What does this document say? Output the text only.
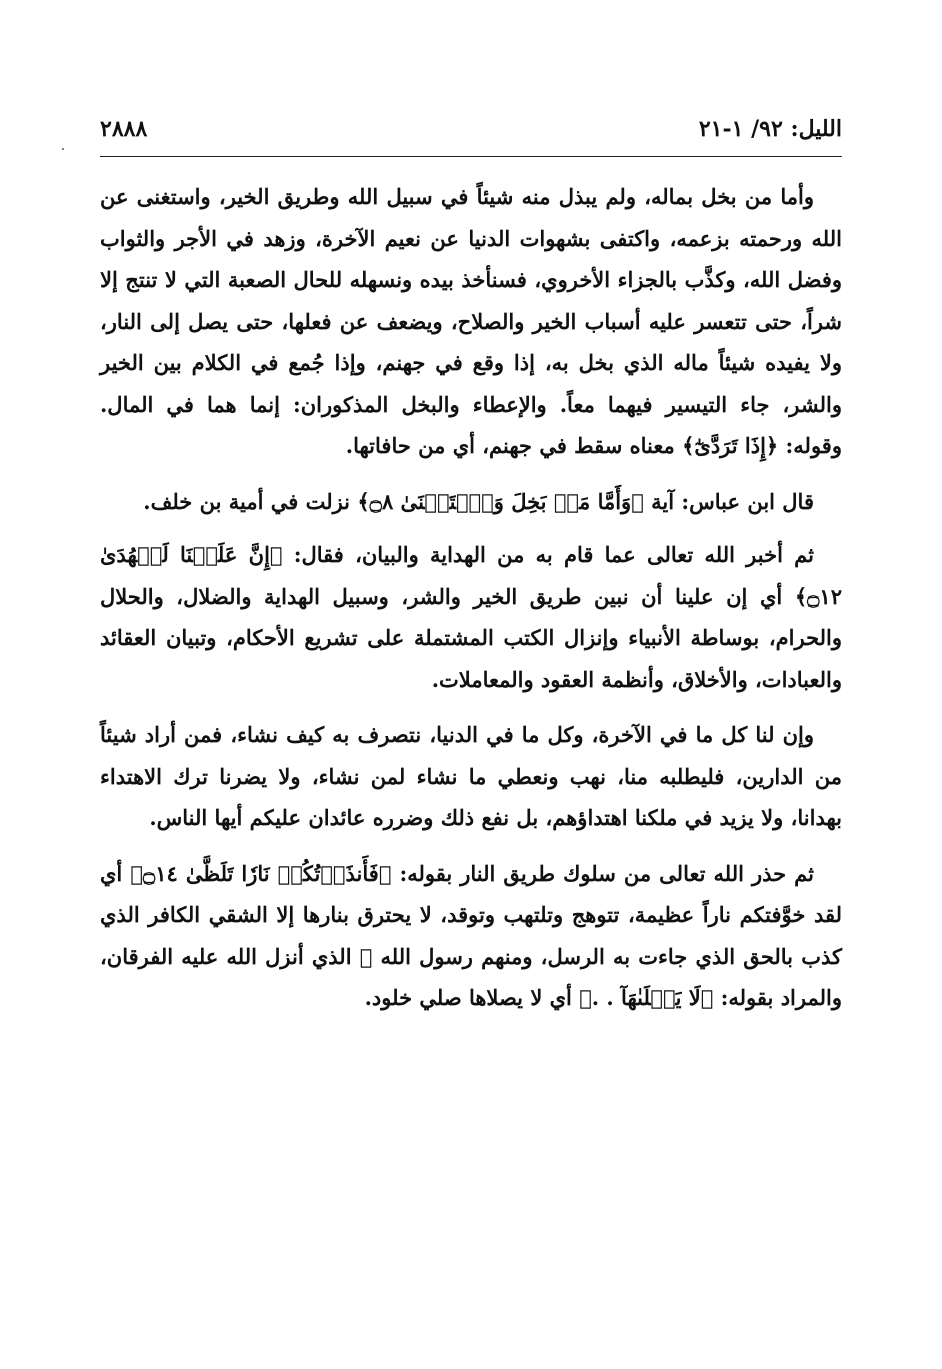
الليل: ٩٢/ ١-٢١
٢٨٨٨

وأما من بخل بماله، ولم يبذل منه شيئاً في سبيل الله وطريق الخير، واستغنى عن الله ورحمته بزعمه، واكتفى بشهوات الدنيا عن نعيم الآخرة، وزهد في الأجر والثواب وفضل الله، وكذَّب بالجزاء الأخروي، فسنأخذ بيده ونسهله للحال الصعبة التي لا تنتج إلا شراً، حتى تتعسر عليه أسباب الخير والصلاح، ويضعف عن فعلها، حتى يصل إلى النار، ولا يفيده شيئاً ماله الذي بخل به، إذا وقع في جهنم، وإذا جُمع في الكلام بين الخير والشر، جاء التيسير فيهما معاً. والإعطاء والبخل المذكوران: إنما هما في المال. وقوله: ﴿إِذَا تَرَدَّىٰٓ﴾ معناه سقط في جهنم، أي من حافاتها.

قال ابن عباس: آية ﴿وَأَمَّا مَنۢ بَخِلَ وَٱسۡتَغۡنَىٰ ۝٨﴾ نزلت في أمية بن خلف.

ثم أخبر الله تعالى عما قام به من الهداية والبيان، فقال: ﴿إِنَّ عَلَيۡنَا لَلۡهُدَىٰ ۝١٢﴾ أي إن علينا أن نبين طريق الخير والشر، وسبيل الهداية والضلال، والحلال والحرام، بوساطة الأنبياء وإنزال الكتب المشتملة على تشريع الأحكام، وتبيان العقائد والعبادات، والأخلاق، وأنظمة العقود والمعاملات.

وإن لنا كل ما في الآخرة، وكل ما في الدنيا، نتصرف به كيف نشاء، فمن أراد شيئاً من الدارين، فليطلبه منا، نهب ونعطي ما نشاء لمن نشاء، ولا يضرنا ترك الاهتداء بهدانا، ولا يزيد في ملكنا اهتداؤهم، بل نفع ذلك وضرره عائدان عليكم أيها الناس.

ثم حذر الله تعالى من سلوك طريق النار بقوله: ﴿فَأَنذَرۡتُكُمۡ نَارٗا تَلَظَّىٰ ۝١٤﴾ أي لقد خوَّفتكم ناراً عظيمة، تتوهج وتلتهب وتوقد، لا يحترق بنارها إلا الشقي الكافر الذي كذب بالحق الذي جاءت به الرسل، ومنهم رسول الله ﷺ الذي أنزل الله عليه الفرقان، والمراد بقوله: ﴿لَا يَصۡلَىٰهَآ . .﴾ أي لا يصلاها صلي خلود.
